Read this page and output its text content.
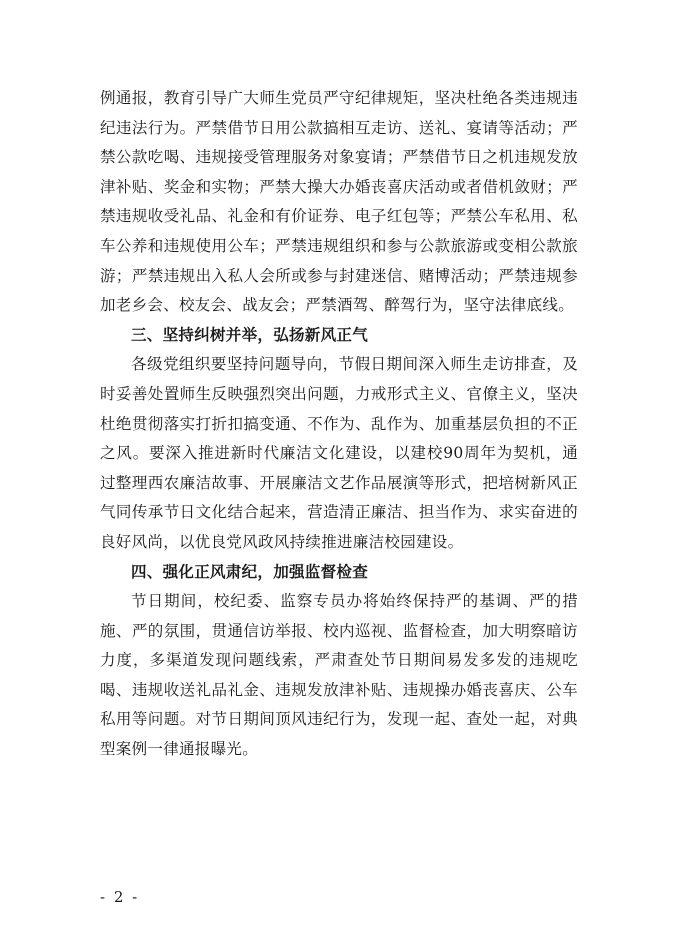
例通报，教育引导广大师生党员严守纪律规矩，坚决杜绝各类违规违纪违法行为。严禁借节日用公款搞相互走访、送礼、宴请等活动；严禁公款吃喝、违规接受管理服务对象宴请；严禁借节日之机违规发放津补贴、奖金和实物；严禁大操大办婚丧喜庆活动或者借机敛财；严禁违规收受礼品、礼金和有价证券、电子红包等；严禁公车私用、私车公养和违规使用公车；严禁违规组织和参与公款旅游或变相公款旅游；严禁违规出入私人会所或参与封建迷信、赌博活动；严禁违规参加老乡会、校友会、战友会；严禁酒驾、醉驾行为，坚守法律底线。

三、坚持纠树并举，弘扬新风正气

各级党组织要坚持问题导向，节假日期间深入师生走访排查，及时妥善处置师生反映强烈突出问题，力戒形式主义、官僚主义，坚决杜绝贯彻落实打折扣搞变通、不作为、乱作为、加重基层负担的不正之风。要深入推进新时代廉洁文化建设，以建校90周年为契机，通过整理西农廉洁故事、开展廉洁文艺作品展演等形式，把培树新风正气同传承节日文化结合起来，营造清正廉洁、担当作为、求实奋进的良好风尚，以优良党风政风持续推进廉洁校园建设。

四、强化正风肃纪，加强监督检查

节日期间，校纪委、监察专员办将始终保持严的基调、严的措施、严的氛围，贯通信访举报、校内巡视、监督检查，加大明察暗访力度，多渠道发现问题线索，严肃查处节日期间易发多发的违规吃喝、违规收送礼品礼金、违规发放津补贴、违规操办婚丧喜庆、公车私用等问题。对节日期间顶风违纪行为，发现一起、查处一起，对典型案例一律通报曝光。

- 2 -
